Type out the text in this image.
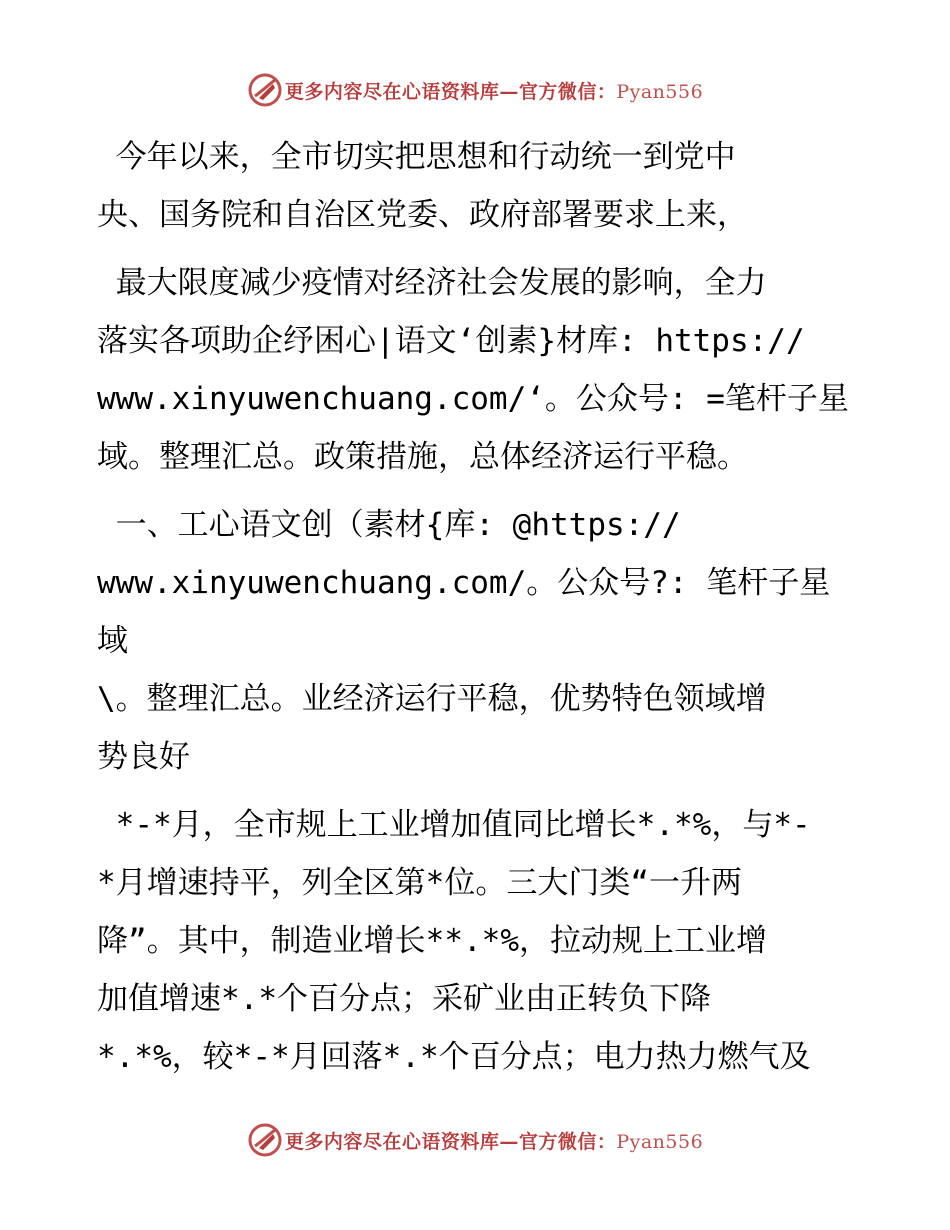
更多内容尽在心语资料库—官方微信：Pyan556

今年以来，全市切实把思想和行动统一到党中
央、国务院和自治区党委、政府部署要求上来，

最大限度减少疫情对经济社会发展的影响，全力
落实各项助企纾困心|语文‘创素}材库: https://
www.xinyuwenchuang.com/‘。公众号: =笔杆子星
域。整理汇总。政策措施，总体经济运行平稳。

一、工心语文创（素材{库: @https://
www.xinyuwenchuang.com/。公众号?: 笔杆子星域
\。整理汇总。业经济运行平稳，优势特色领域增
势良好

*-*月，全市规上工业增加值同比增长*.*%，与*-
*月增速持平，列全区第*位。三大门类“一升两
降”。其中，制造业增长**.*%，拉动规上工业增
加值增速*.*个百分点；采矿业由正转负下降
*.*%，较*-*月回落*.*个百分点；电力热力燃气及

更多内容尽在心语资料库—官方微信：Pyan556
